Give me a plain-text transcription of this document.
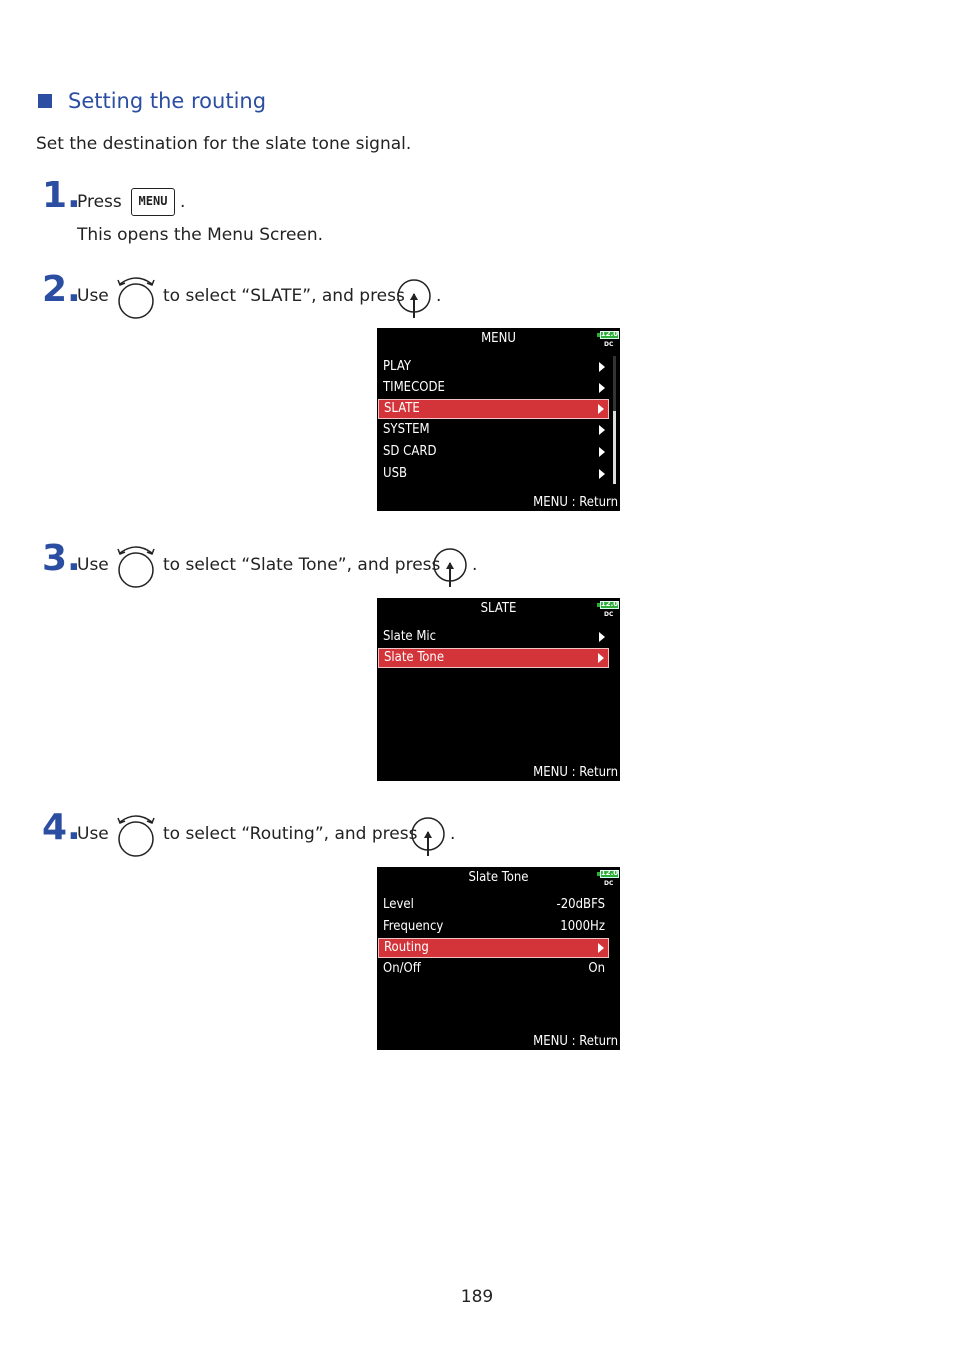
Setting the routing
Set the destination for the slate tone signal.
1.
Press	MENU .
This opens the Menu Screen.
2.
Use	to select “SLATE”, and press .
MENU	12.0
DC
PLAY
TIMECODE
SLATE
SYSTEM
SD CARD
USB
MENU : Return
3.
Use	to select “Slate Tone”, and press .
SLATE	12.0
DC
Slate Mic
Slate Tone
MENU : Return
4.
Use	to select “Routing”, and press .
Slate Tone	12.0
DC
Level	-20dBFS
Frequency	1000Hz
Routing
On/Off	On
MENU : Return
189
